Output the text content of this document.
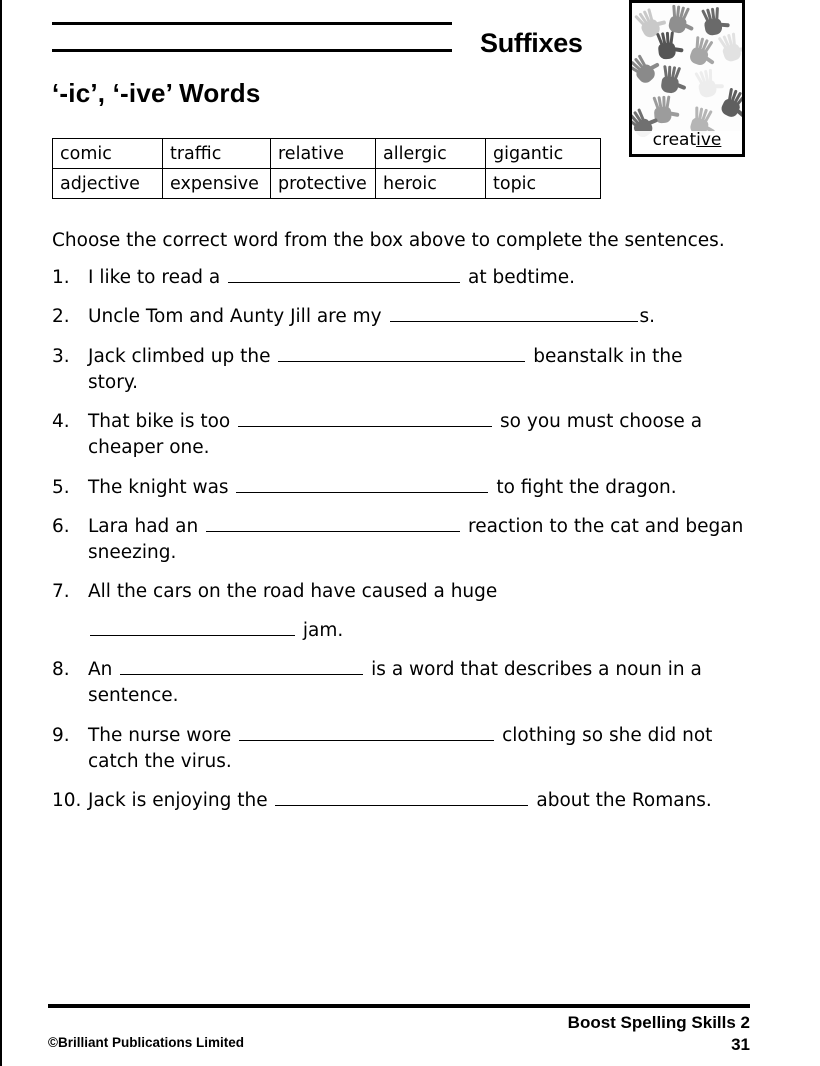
Suffixes
creative
‘-ic’, ‘-ive’ Words
comic	traffic	relative	allergic	gigantic
adjective	expensive	protective	heroic	topic
Choose the correct word from the box above to complete the sentences.
1. I like to read a	at bedtime.
2. Uncle Tom and Aunty Jill are my	s.
3. Jack climbed up the	beanstalk in the
story.
4. That bike is too	so you must choose a
cheaper one.
5. The knight was	to fight the dragon.
6. Lara had an	reaction to the cat and began
sneezing.
7. All the cars on the road have caused a huge
jam.
8. An	is a word that describes a noun in a
sentence.
9. The nurse wore	clothing so she did not
catch the virus.
10. Jack is enjoying the	about the Romans.
©Brilliant Publications Limited
Boost Spelling Skills 2
31
